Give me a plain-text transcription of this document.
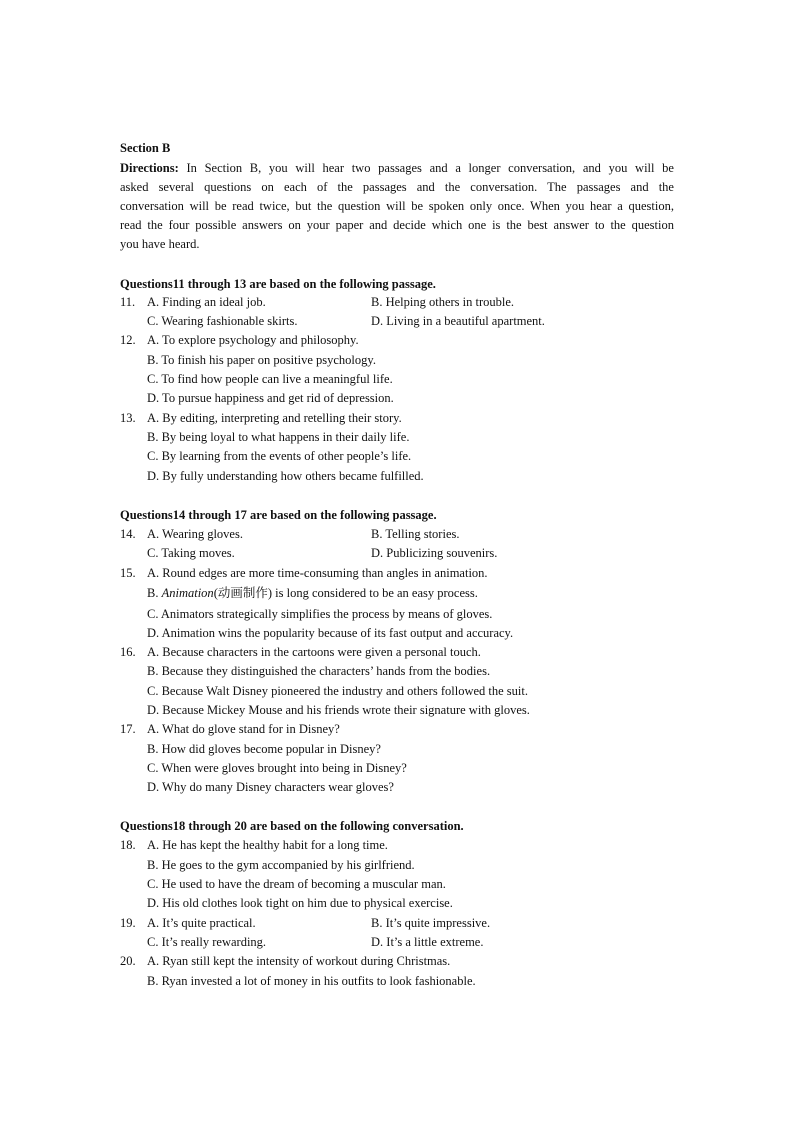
Section B
Directions: In Section B, you will hear two passages and a longer conversation, and you will be
asked several questions on each of the passages and the conversation. The passages and the
conversation will be read twice, but the question will be spoken only once. When you hear a question,
read the four possible answers on your paper and decide which one is the best answer to the question
you have heard.
Questions11 through 13 are based on the following passage.
11. A. Finding an ideal job.	B. Helping others in trouble.
C. Wearing fashionable skirts.	D. Living in a beautiful apartment.
12. A. To explore psychology and philosophy.
B. To finish his paper on positive psychology.
C. To find how people can live a meaningful life.
D. To pursue happiness and get rid of depression.
13. A. By editing, interpreting and retelling their story.
B. By being loyal to what happens in their daily life.
C. By learning from the events of other people’s life.
D. By fully understanding how others became fulfilled.
Questions14 through 17 are based on the following passage.
14. A. Wearing gloves.	B. Telling stories.
C. Taking moves.	D. Publicizing souvenirs.
15. A. Round edges are more time-consuming than angles in animation.
B. Animation(动画制作) is long considered to be an easy process.
C. Animators strategically simplifies the process by means of gloves.
D. Animation wins the popularity because of its fast output and accuracy.
16. A. Because characters in the cartoons were given a personal touch.
B. Because they distinguished the characters’ hands from the bodies.
C. Because Walt Disney pioneered the industry and others followed the suit.
D. Because Mickey Mouse and his friends wrote their signature with gloves.
17. A. What do glove stand for in Disney?
B. How did gloves become popular in Disney?
C. When were gloves brought into being in Disney?
D. Why do many Disney characters wear gloves?
Questions18 through 20 are based on the following conversation.
18. A. He has kept the healthy habit for a long time.
B. He goes to the gym accompanied by his girlfriend.
C. He used to have the dream of becoming a muscular man.
D. His old clothes look tight on him due to physical exercise.
19. A. It’s quite practical.	B. It’s quite impressive.
C. It’s really rewarding.	D. It’s a little extreme.
20. A. Ryan still kept the intensity of workout during Christmas.
B. Ryan invested a lot of money in his outfits to look fashionable.
